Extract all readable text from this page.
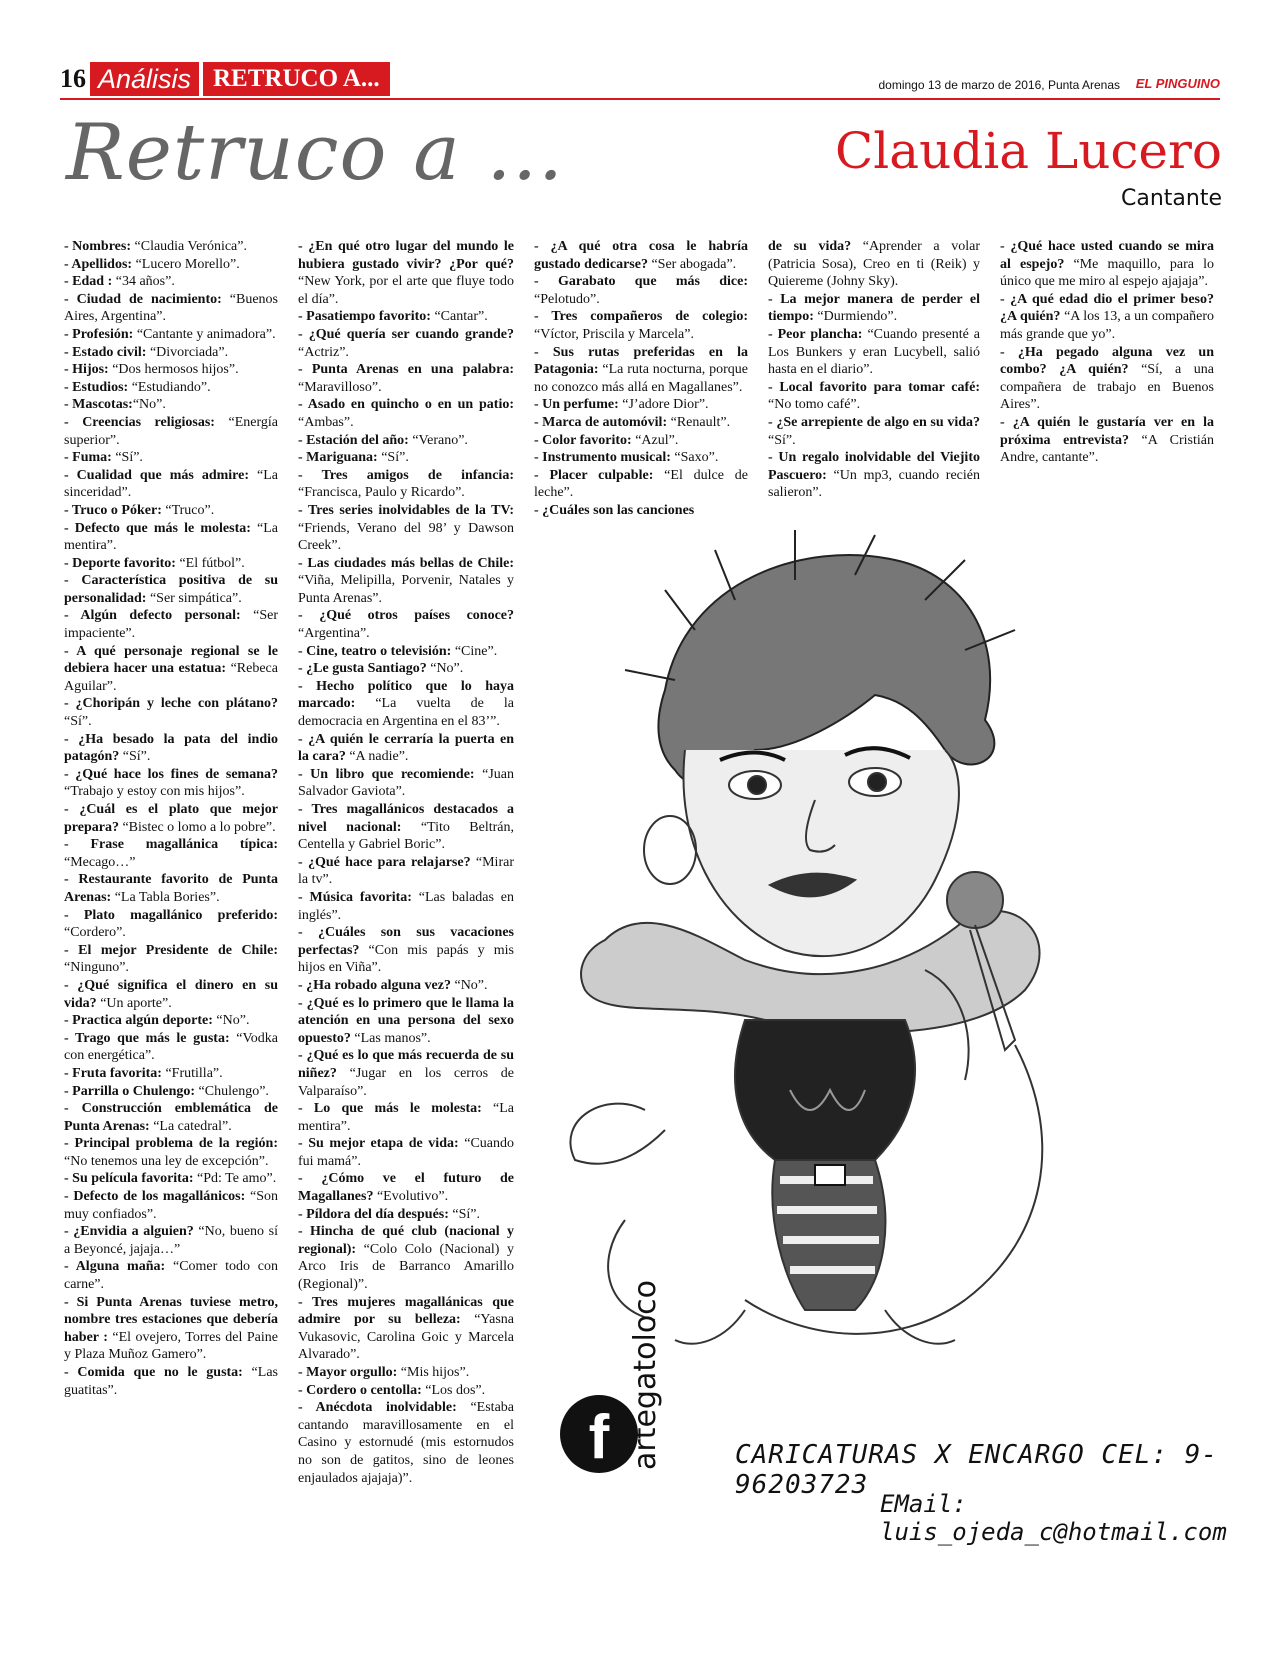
16 Análisis RETRUCO A...	domingo 13 de marzo de 2016, Punta Arenas EL PINGUINO
Retruco a ...	Claudia Lucero
Cantante

- Nombres: “Claudia Verónica”.

- Apellidos: “Lucero Morello”.

- Edad : “34 años”.

- Ciudad de nacimiento: “Buenos Aires, Argentina”.

- Profesión: “Cantante y animadora”.

- Estado civil: “Divorciada”.

- Hijos: “Dos hermosos hijos”.

- Estudios: “Estudiando”.

- Mascotas:“No”.

- Creencias religiosas: “Energía superior”.

- Fuma: “Sí”.

- Cualidad que más admire: “La sinceridad”.

- Truco o Póker: “Truco”.

- Defecto que más le molesta: “La mentira”.

- Deporte favorito: “El fútbol”.

- Característica positiva de su personalidad: “Ser simpática”.

- Algún defecto personal: “Ser impaciente”.

- A qué personaje regional se le debiera hacer una estatua: “Rebeca Aguilar”.

- ¿Choripán y leche con plátano? “Sí”.

- ¿Ha besado la pata del indio patagón? “Sí”.

- ¿Qué hace los fines de semana? “Trabajo y estoy con mis hijos”.

- ¿Cuál es el plato que mejor prepara? “Bistec o lomo a lo pobre”.

- Frase magallánica típica: “Mecago…”

- Restaurante favorito de Punta Arenas: “La Tabla Bories”.

- Plato magallánico preferido: “Cordero”.

- El mejor Presidente de Chile: “Ninguno”.

- ¿Qué significa el dinero en su vida? “Un aporte”.

- Practica algún deporte: “No”.

- Trago que más le gusta: “Vodka con energética”.

- Fruta favorita: “Frutilla”.

- Parrilla o Chulengo: “Chulengo”.

- Construcción emblemática de Punta Arenas: “La catedral”.

- Principal problema de la región: “No tenemos una ley de excepción”.

- Su película favorita: “Pd: Te amo”.

- Defecto de los magallánicos: “Son muy confiados”.

- ¿Envidia a alguien? “No, bueno sí a Beyoncé, jajaja…”

- Alguna maña: “Comer todo con carne”.

- Si Punta Arenas tuviese metro, nombre tres estaciones que debería haber : “El ovejero, Torres del Paine y Plaza Muñoz Gamero”.

- Comida que no le gusta: “Las guatitas”.

- ¿En qué otro lugar del mundo le hubiera gustado vivir? ¿Por qué? “New York, por el arte que fluye todo el día”.

- Pasatiempo favorito: “Cantar”.

- ¿Qué quería ser cuando grande? “Actriz”.

- Punta Arenas en una palabra: “Maravilloso”.

- Asado en quincho o en un patio: “Ambas”.

- Estación del año: “Verano”.

- Mariguana: “Sí”.

- Tres amigos de infancia: “Francisca, Paulo y Ricardo”.

- Tres series inolvidables de la TV: “Friends, Verano del 98’ y Dawson Creek”.

- Las ciudades más bellas de Chile: “Viña, Melipilla, Porvenir, Natales y Punta Arenas”.

- ¿Qué otros países conoce? “Argentina”.

- Cine, teatro o televisión: “Cine”.

- ¿Le gusta Santiago? “No”.

- Hecho político que lo haya marcado: “La vuelta de la democracia en Argentina en el 83’”.

- ¿A quién le cerraría la puerta en la cara? “A nadie”.

- Un libro que recomiende: “Juan Salvador Gaviota”.

- Tres magallánicos destacados a nivel nacional: “Tito Beltrán, Centella y Gabriel Boric”.

- ¿Qué hace para relajarse? “Mirar la tv”.

- Música favorita: “Las baladas en inglés”.

- ¿Cuáles son sus vacaciones perfectas? “Con mis papás y mis hijos en Viña”.

- ¿Ha robado alguna vez? “No”.

- ¿Qué es lo primero que le llama la atención en una persona del sexo opuesto? “Las manos”.

- ¿Qué es lo que más recuerda de su niñez? “Jugar en los cerros de Valparaíso”.

- Lo que más le molesta: “La mentira”.

- Su mejor etapa de vida: “Cuando fui mamá”.

- ¿Cómo ve el futuro de Magallanes? “Evolutivo”.

- Píldora del día después: “Sí”.

- Hincha de qué club (nacional y regional): “Colo Colo (Nacional) y Arco Iris de Barranco Amarillo (Regional)”.

- Tres mujeres magallánicas que admire por su belleza: “Yasna Vukasovic, Carolina Goic y Marcela Alvarado”.

- Mayor orgullo: “Mis hijos”.

- Cordero o centolla: “Los dos”.

- Anécdota inolvidable: “Estaba cantando maravillosamente en el Casino y estornudé (mis estornudos no son de gatitos, sino de leones enjaulados ajajaja)”.

- ¿A qué otra cosa le habría gustado dedicarse? “Ser abogada”.

- Garabato que más dice: “Pelotudo”.

- Tres compañeros de colegio: “Víctor, Priscila y Marcela”.

- Sus rutas preferidas en la Patagonia: “La ruta nocturna, porque no conozco más allá en Magallanes”.

- Un perfume: “J’adore Dior”.

- Marca de automóvil: “Renault”.

- Color favorito: “Azul”.

- Instrumento musical: “Saxo”.

- Placer culpable: “El dulce de leche”.

- ¿Cuáles son las canciones

de su vida? “Aprender a volar (Patricia Sosa), Creo en ti (Reik) y Quiereme (Johny Sky).

- La mejor manera de perder el tiempo: “Durmiendo”.

- Peor plancha: “Cuando presenté a Los Bunkers y eran Lucybell, salió hasta en el diario”.

- Local favorito para tomar café: “No tomo café”.

- ¿Se arrepiente de algo en su vida? “Sí”.

- Un regalo inolvidable del Viejito Pascuero: “Un mp3, cuando recién salieron”.

- ¿Qué hace usted cuando se mira al espejo? “Me maquillo, para lo único que me miro al espejo ajajaja”.

- ¿A qué edad dio el primer beso? ¿A quién? “A los 13, a un compañero más grande que yo”.

- ¿Ha pegado alguna vez un combo? ¿A quién? “Sí, a una compañera de trabajo en Buenos Aires”.

- ¿A quién le gustaría ver en la próxima entrevista? “A Cristián Andre, cantante”.

f artegatoloco	CARICATURAS X ENCARGO CEL: 9-96203723
EMail: luis_ojeda_c@hotmail.com
